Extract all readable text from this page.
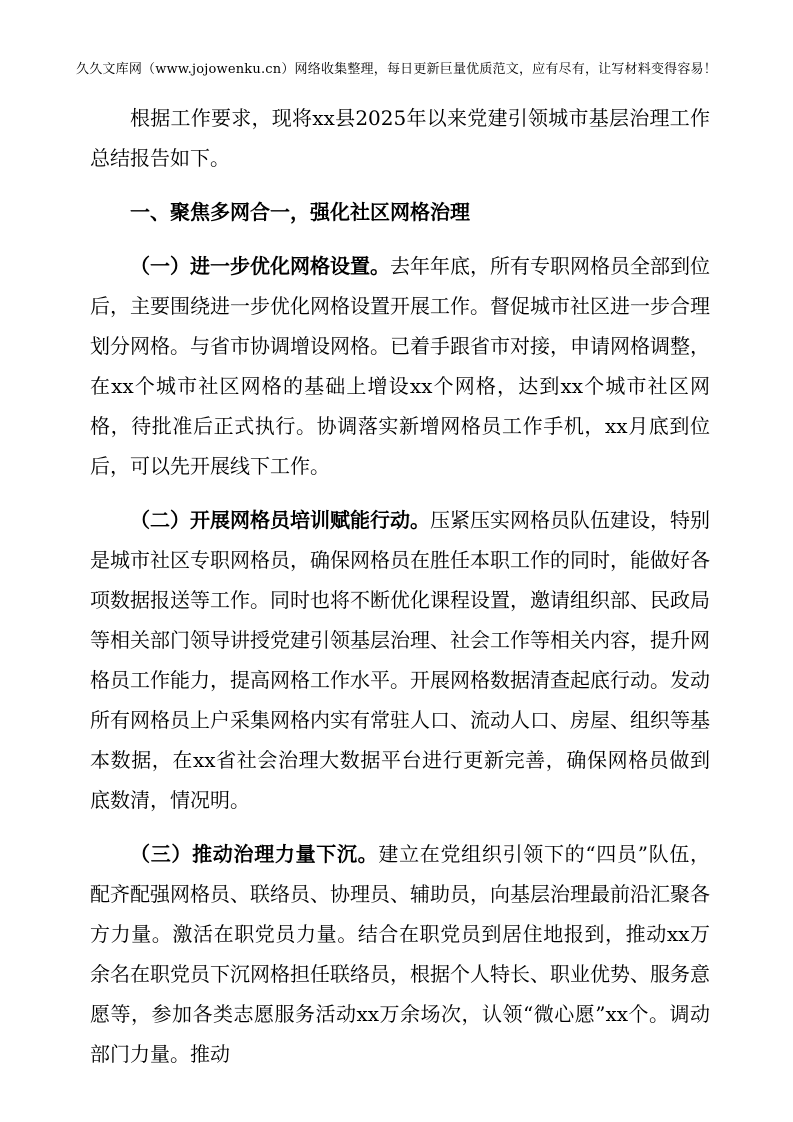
久久文库网（www.jojowenku.cn）网络收集整理，每日更新巨量优质范文，应有尽有，让写材料变得容易！

根据工作要求，现将xx县2025年以来党建引领城市基层治理工作总结报告如下。

一、聚焦多网合一，强化社区网格治理

（一）进一步优化网格设置。去年年底，所有专职网格员全部到位后，主要围绕进一步优化网格设置开展工作。督促城市社区进一步合理划分网格。与省市协调增设网格。已着手跟省市对接，申请网格调整，在xx个城市社区网格的基础上增设xx个网格，达到xx个城市社区网格，待批准后正式执行。协调落实新增网格员工作手机，xx月底到位后，可以先开展线下工作。

（二）开展网格员培训赋能行动。压紧压实网格员队伍建设，特别是城市社区专职网格员，确保网格员在胜任本职工作的同时，能做好各项数据报送等工作。同时也将不断优化课程设置，邀请组织部、民政局等相关部门领导讲授党建引领基层治理、社会工作等相关内容，提升网格员工作能力，提高网格工作水平。开展网格数据清查起底行动。发动所有网格员上户采集网格内实有常驻人口、流动人口、房屋、组织等基本数据，在xx省社会治理大数据平台进行更新完善，确保网格员做到底数清，情况明。

（三）推动治理力量下沉。建立在党组织引领下的“四员”队伍，配齐配强网格员、联络员、协理员、辅助员，向基层治理最前沿汇聚各方力量。激活在职党员力量。结合在职党员到居住地报到，推动xx万余名在职党员下沉网格担任联络员，根据个人特长、职业优势、服务意愿等，参加各类志愿服务活动xx万余场次，认领“微心愿”xx个。调动部门力量。推动
